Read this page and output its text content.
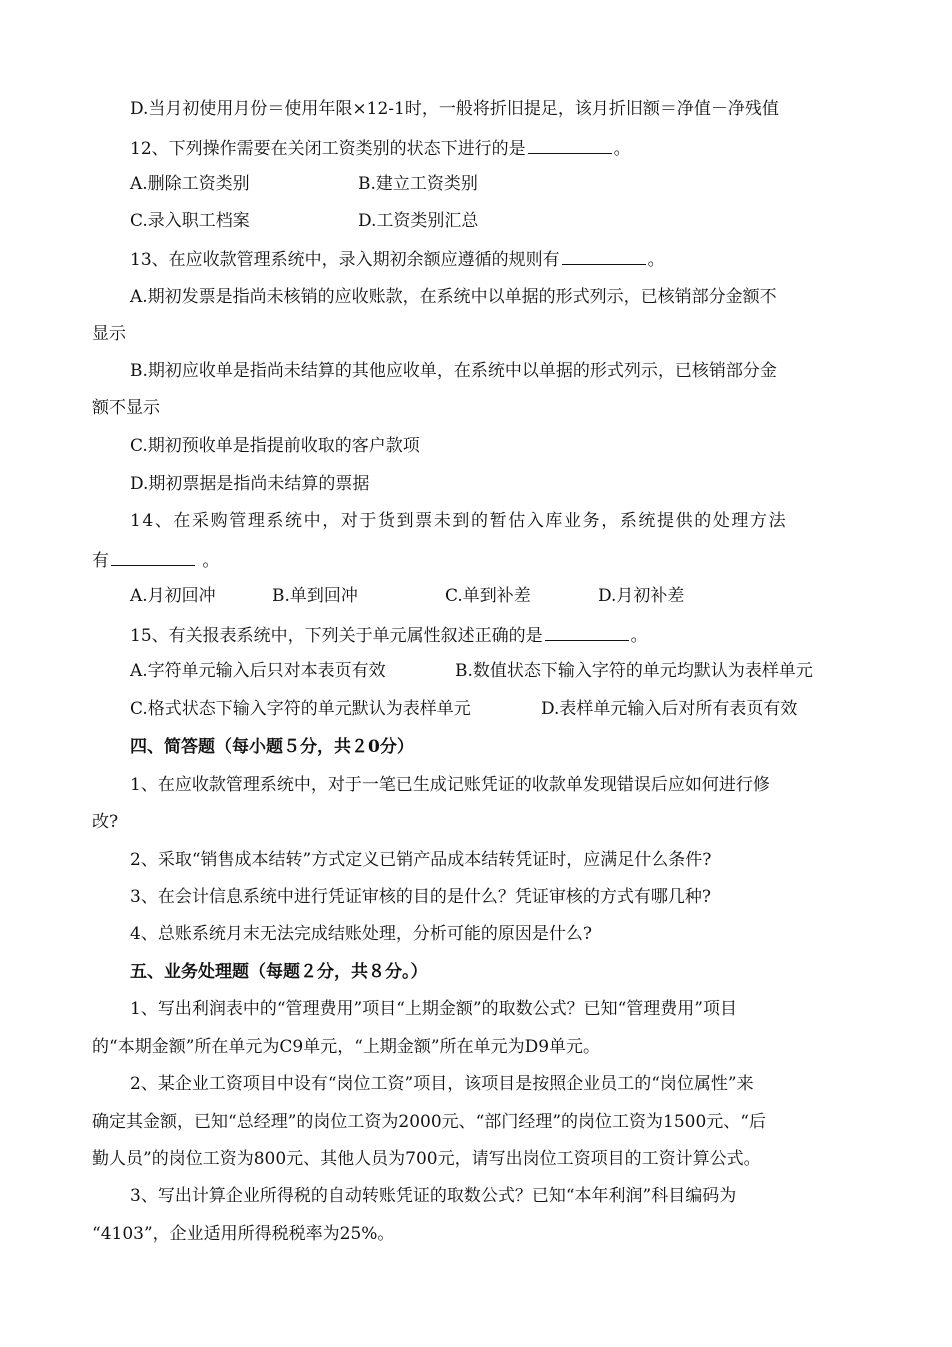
D.当月初使用月份＝使用年限×12-1时，一般将折旧提足，该月折旧额＝净值－净残值
12、下列操作需要在关闭工资类别的状态下进行的是	。
A.删除工资类别	B.建立工资类别
C.录入职工档案	D.工资类别汇总
13、在应收款管理系统中，录入期初余额应遵循的规则有	。
A.期初发票是指尚未核销的应收账款，在系统中以单据的形式列示，已核销部分金额不
显示
B.期初应收单是指尚未结算的其他应收单，在系统中以单据的形式列示，已核销部分金
额不显示
C.期初预收单是指提前收取的客户款项
D.期初票据是指尚未结算的票据
14、在采购管理系统中，对于货到票未到的暂估入库业务，系统提供的处理方法
有	。
A.月初回冲	B.单到回冲	C.单到补差	D.月初补差
15、有关报表系统中，下列关于单元属性叙述正确的是	。
A.字符单元输入后只对本表页有效	B.数值状态下输入字符的单元均默认为表样单元
C.格式状态下输入字符的单元默认为表样单元	D.表样单元输入后对所有表页有效
四、简答题（每小题５分，共２0分）
1、在应收款管理系统中，对于一笔已生成记账凭证的收款单发现错误后应如何进行修
改?
2、采取“销售成本结转”方式定义已销产品成本结转凭证时，应满足什么条件?
3、在会计信息系统中进行凭证审核的目的是什么？凭证审核的方式有哪几种?
4、总账系统月末无法完成结账处理，分析可能的原因是什么?
五、业务处理题（每题２分，共８分。）
1、写出利润表中的“管理费用”项目“上期金额”的取数公式？已知“管理费用”项目
的“本期金额”所在单元为C9单元，“上期金额”所在单元为D9单元。
2、某企业工资项目中设有“岗位工资”项目，该项目是按照企业员工的“岗位属性”来
确定其金额，已知“总经理”的岗位工资为2000元、“部门经理”的岗位工资为1500元、“后
勤人员”的岗位工资为800元、其他人员为700元，请写出岗位工资项目的工资计算公式。
3、写出计算企业所得税的自动转账凭证的取数公式？已知“本年利润”科目编码为
“4103”，企业适用所得税税率为25%。
